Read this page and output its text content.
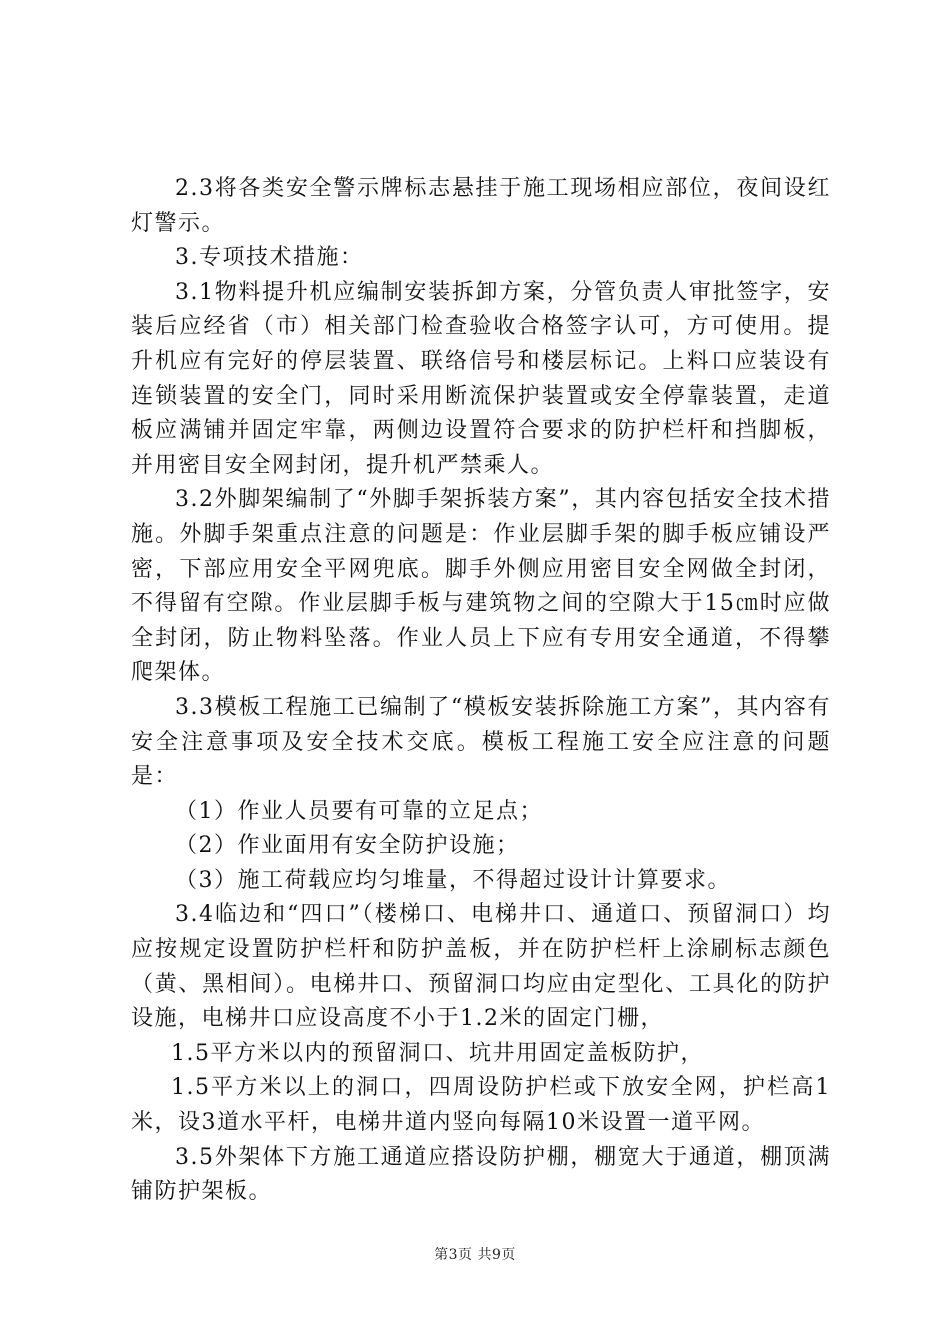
2.3将各类安全警示牌标志悬挂于施工现场相应部位，夜间设红灯警示。

3.专项技术措施：

3.1物料提升机应编制安装拆卸方案，分管负责人审批签字，安装后应经省（市）相关部门检查验收合格签字认可，方可使用。提升机应有完好的停层装置、联络信号和楼层标记。上料口应装设有连锁装置的安全门，同时采用断流保护装置或安全停靠装置，走道板应满铺并固定牢靠，两侧边设置符合要求的防护栏杆和挡脚板，并用密目安全网封闭，提升机严禁乘人。

3.2外脚架编制了“外脚手架拆装方案”，其内容包括安全技术措施。外脚手架重点注意的问题是：作业层脚手架的脚手板应铺设严密，下部应用安全平网兜底。脚手外侧应用密目安全网做全封闭，不得留有空隙。作业层脚手板与建筑物之间的空隙大于15㎝时应做全封闭，防止物料坠落。作业人员上下应有专用安全通道，不得攀爬架体。

3.3模板工程施工已编制了“模板安装拆除施工方案”，其内容有安全注意事项及安全技术交底。模板工程施工安全应注意的问题是：

（1）作业人员要有可靠的立足点；

（2）作业面用有安全防护设施；

（3）施工荷载应均匀堆量，不得超过设计计算要求。

3.4临边和“四口”（楼梯口、电梯井口、通道口、预留洞口）均应按规定设置防护栏杆和防护盖板，并在防护栏杆上涂刷标志颜色（黄、黑相间）。电梯井口、预留洞口均应由定型化、工具化的防护设施，电梯井口应设高度不小于1.2米的固定门栅，

1.5平方米以内的预留洞口、坑井用固定盖板防护，

1.5平方米以上的洞口，四周设防护栏或下放安全网，护栏高1米，设3道水平杆，电梯井道内竖向每隔10米设置一道平网。

3.5外架体下方施工通道应搭设防护棚，棚宽大于通道，棚顶满铺防护架板。

第3页 共9页
